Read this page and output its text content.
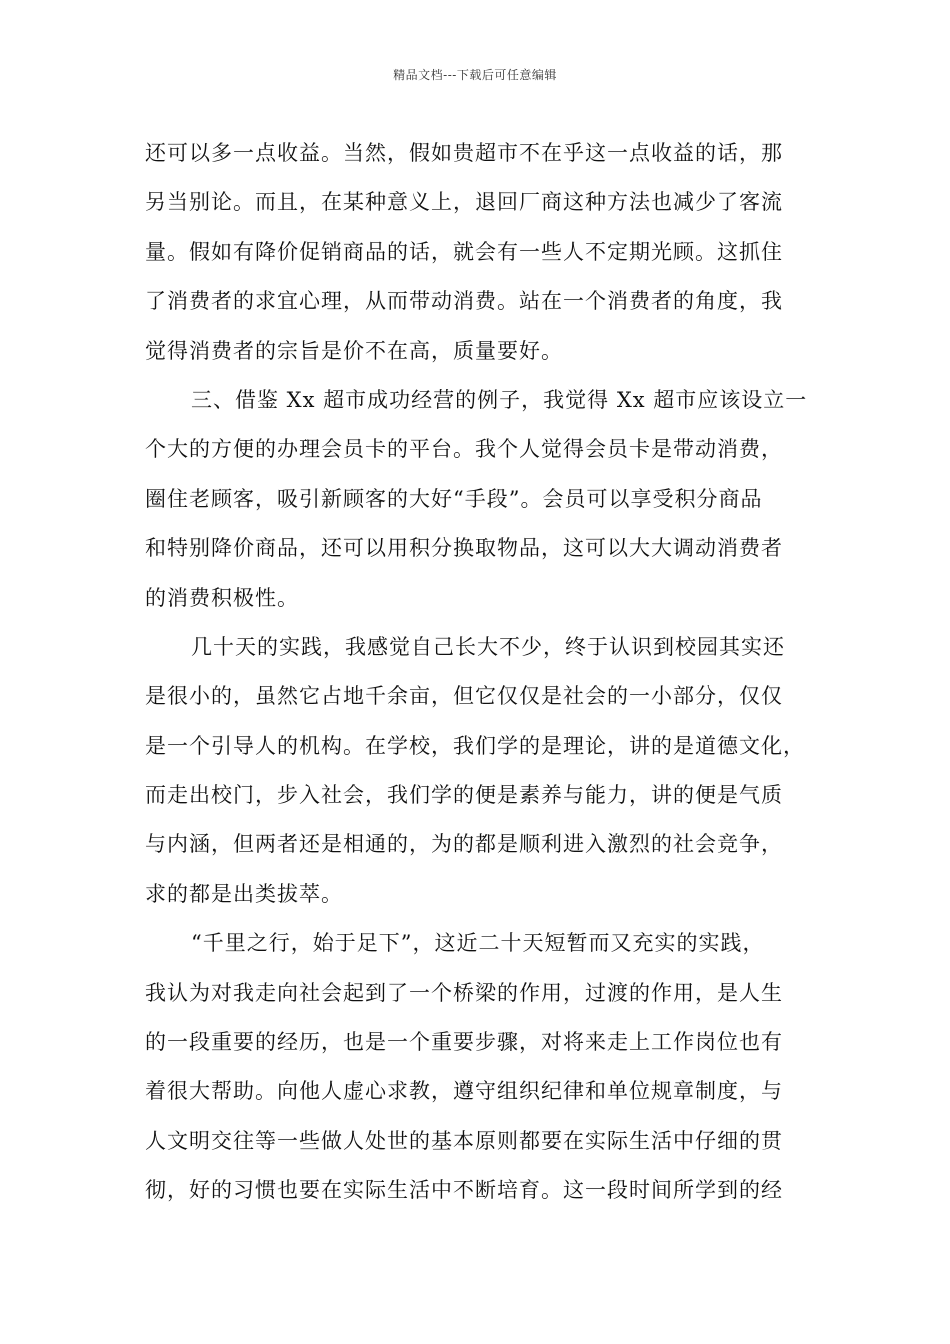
精品文档---下载后可任意编辑
还可以多一点收益。当然，假如贵超市不在乎这一点收益的话，那
另当别论。而且，在某种意义上，退回厂商这种方法也减少了客流
量。假如有降价促销商品的话，就会有一些人不定期光顾。这抓住
了消费者的求宜心理，从而带动消费。站在一个消费者的角度，我
觉得消费者的宗旨是价不在高，质量要好。
三、借鉴 Xx 超市成功经营的例子，我觉得 Xx 超市应该设立一
个大的方便的办理会员卡的平台。我个人觉得会员卡是带动消费，
圈住老顾客，吸引新顾客的大好“手段”。会员可以享受积分商品
和特别降价商品，还可以用积分换取物品，这可以大大调动消费者
的消费积极性。
几十天的实践，我感觉自己长大不少，终于认识到校园其实还
是很小的，虽然它占地千余亩，但它仅仅是社会的一小部分，仅仅
是一个引导人的机构。在学校，我们学的是理论，讲的是道德文化，
而走出校门，步入社会，我们学的便是素养与能力，讲的便是气质
与内涵，但两者还是相通的，为的都是顺利进入激烈的社会竞争，
求的都是出类拔萃。
“千里之行，始于足下”，这近二十天短暂而又充实的实践，
我认为对我走向社会起到了一个桥梁的作用，过渡的作用，是人生
的一段重要的经历，也是一个重要步骤，对将来走上工作岗位也有
着很大帮助。向他人虚心求教，遵守组织纪律和单位规章制度，与
人文明交往等一些做人处世的基本原则都要在实际生活中仔细的贯
彻，好的习惯也要在实际生活中不断培育。这一段时间所学到的经
